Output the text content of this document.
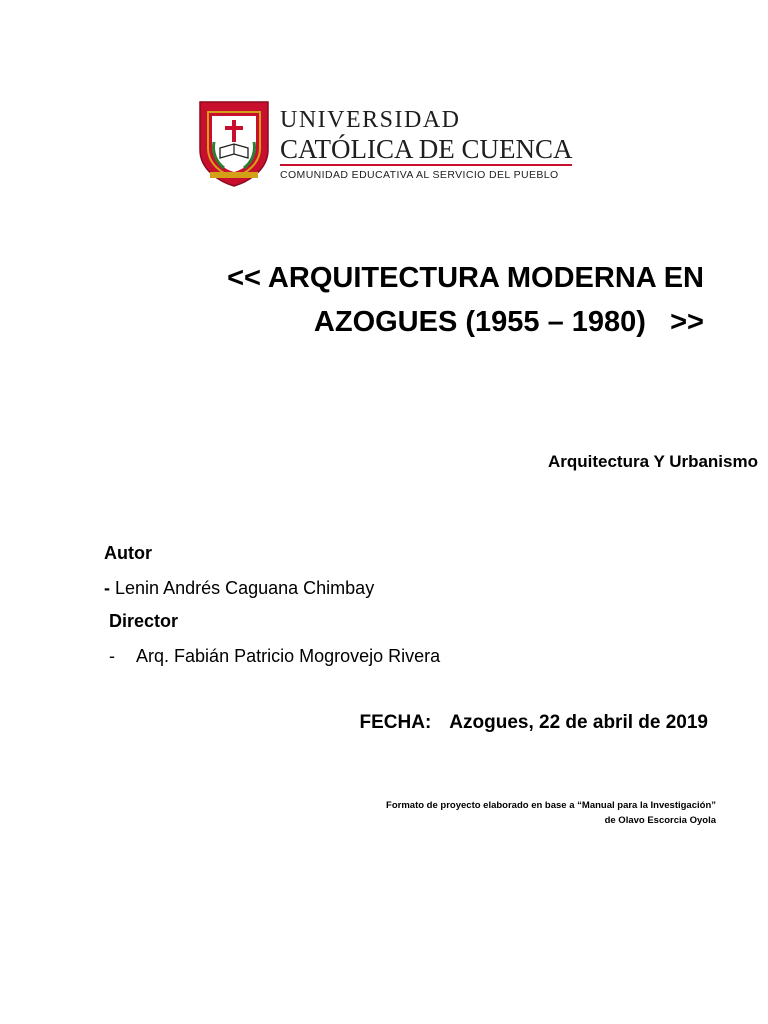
UNIVERSIDAD
CATÓLICA DE CUENCA
COMUNIDAD EDUCATIVA AL SERVICIO DEL PUEBLO
<< ARQUITECTURA MODERNA EN
AZOGUES (1955 – 1980)   >>
Arquitectura Y Urbanismo
Autor
- Lenin Andrés Caguana Chimbay
Director
- Arq. Fabián Patricio Mogrovejo Rivera
FECHA: Azogues, 22 de abril de 2019
Formato de proyecto elaborado en base a “Manual para la Investigación”
de Olavo Escorcia Oyola
